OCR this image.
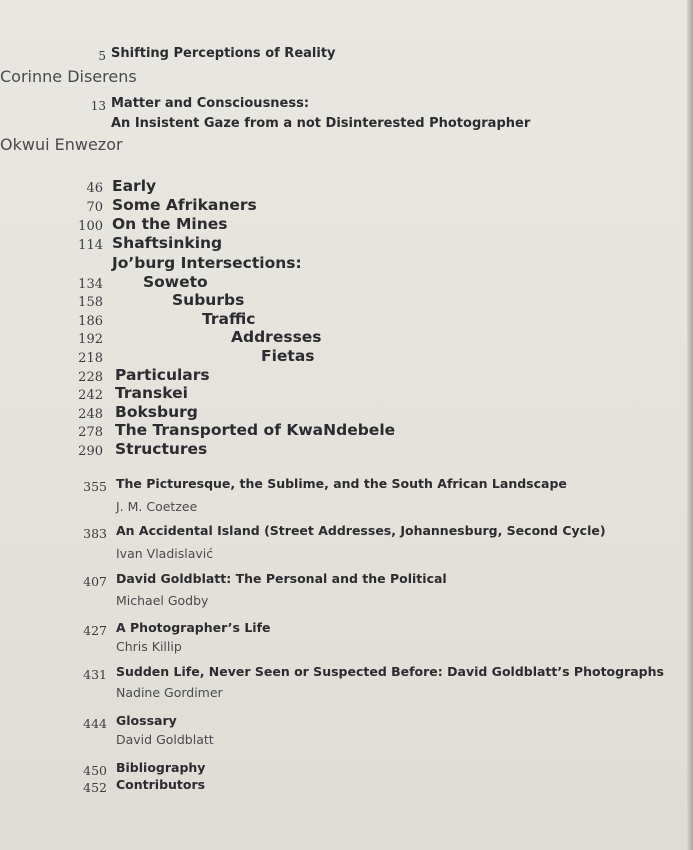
5 Shifting Perceptions of Reality
Corinne Diserens
13 Matter and Consciousness:
An Insistent Gaze from a not Disinterested Photographer
Okwui Enwezor
46 Early
70 Some Afrikaners
100 On the Mines
114 Shaftsinking
Jo’burg Intersections:
134	Soweto
158	Suburbs
186	Traffic
192	Addresses
218	Fietas
228 Particulars
242 Transkei
248 Boksburg
278 The Transported of KwaNdebele
290 Structures
355 The Picturesque, the Sublime, and the South African Landscape
J. M. Coetzee
383 An Accidental Island (Street Addresses, Johannesburg, Second Cycle)
Ivan Vladislavić
407 David Goldblatt: The Personal and the Political
Michael Godby
427 A Photographer’s Life
Chris Killip
431 Sudden Life, Never Seen or Suspected Before: David Goldblatt’s Photographs
Nadine Gordimer
444 Glossary
David Goldblatt
450 Bibliography
452 Contributors
